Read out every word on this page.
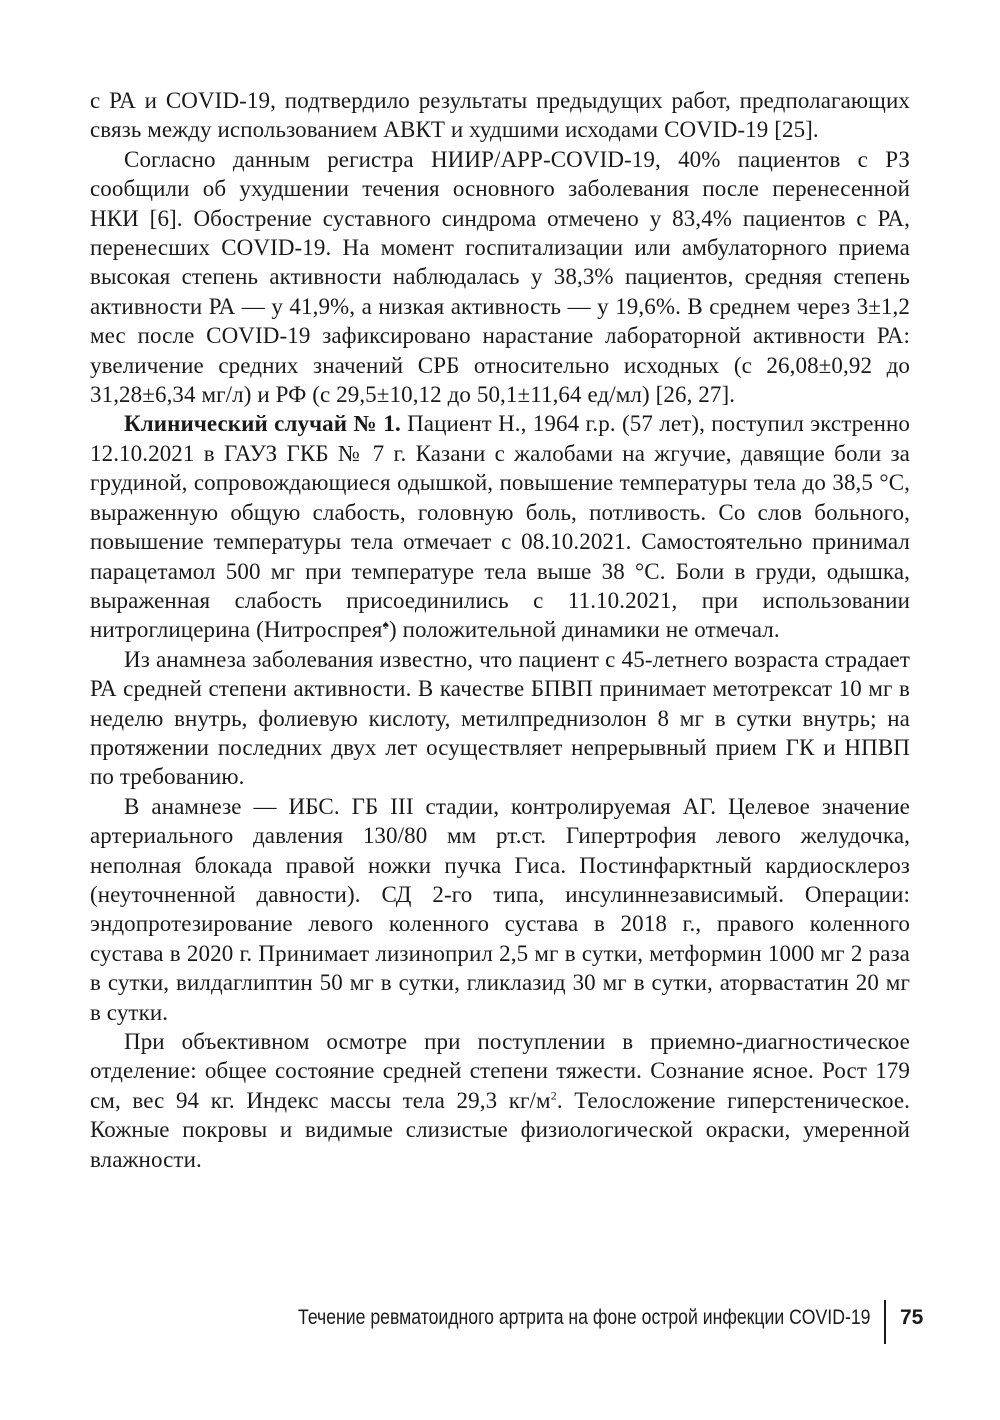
с РА и COVID-19, подтвердило результаты предыдущих работ, предполагающих связь между использованием АВКТ и худшими исходами COVID-19 [25].

Согласно данным регистра НИИР/АРР-COVID-19, 40% пациентов с РЗ сообщили об ухудшении течения основного заболевания после перенесенной НКИ [6]. Обострение суставного синдрома отмечено у 83,4% пациентов с РА, перенесших COVID-19. На момент госпитализации или амбулаторного приема высокая степень активности наблюдалась у 38,3% пациентов, средняя степень активности РА — у 41,9%, а низкая активность — у 19,6%. В среднем через 3±1,2 мес после COVID-19 зафиксировано нарастание лабораторной активности РА: увеличение средних значений СРБ относительно исходных (с 26,08±0,92 до 31,28±6,34 мг/л) и РФ (с 29,5±10,12 до 50,1±11,64 ед/мл) [26, 27].

Клинический случай № 1. Пациент Н., 1964 г.р. (57 лет), поступил экстренно 12.10.2021 в ГАУЗ ГКБ № 7 г. Казани с жалобами на жгучие, давящие боли за грудиной, сопровождающиеся одышкой, повышение температуры тела до 38,5 °С, выраженную общую слабость, головную боль, потливость. Со слов больного, повышение температуры тела отмечает с 08.10.2021. Самостоятельно принимал парацетамол 500 мг при температуре тела выше 38 °С. Боли в груди, одышка, выраженная слабость присоединились с 11.10.2021, при использовании нитроглицерина (Нитроспрея♠) положительной динамики не отмечал.

Из анамнеза заболевания известно, что пациент с 45-летнего возраста страдает РА средней степени активности. В качестве БПВП принимает метотрексат 10 мг в неделю внутрь, фолиевую кислоту, метилпреднизолон 8 мг в сутки внутрь; на протяжении последних двух лет осуществляет непрерывный прием ГК и НПВП по требованию.

В анамнезе — ИБС. ГБ III стадии, контролируемая АГ. Целевое значение артериального давления 130/80 мм рт.ст. Гипертрофия левого желудочка, неполная блокада правой ножки пучка Гиса. Постинфарктный кардиосклероз (неуточненной давности). СД 2-го типа, инсулиннезависимый. Операции: эндопротезирование левого коленного сустава в 2018 г., правого коленного сустава в 2020 г. Принимает лизиноприл 2,5 мг в сутки, метформин 1000 мг 2 раза в сутки, вилдаглиптин 50 мг в сутки, гликлазид 30 мг в сутки, аторвастатин 20 мг в сутки.

При объективном осмотре при поступлении в приемно-диагностическое отделение: общее состояние средней степени тяжести. Сознание ясное. Рост 179 см, вес 94 кг. Индекс массы тела 29,3 $кг/м^2$. Телосложение гиперстеническое. Кожные покровы и видимые слизистые физиологической окраски, умеренной влажности.

Течение ревматоидного артрита на фоне острой инфекции COVID-19 75
